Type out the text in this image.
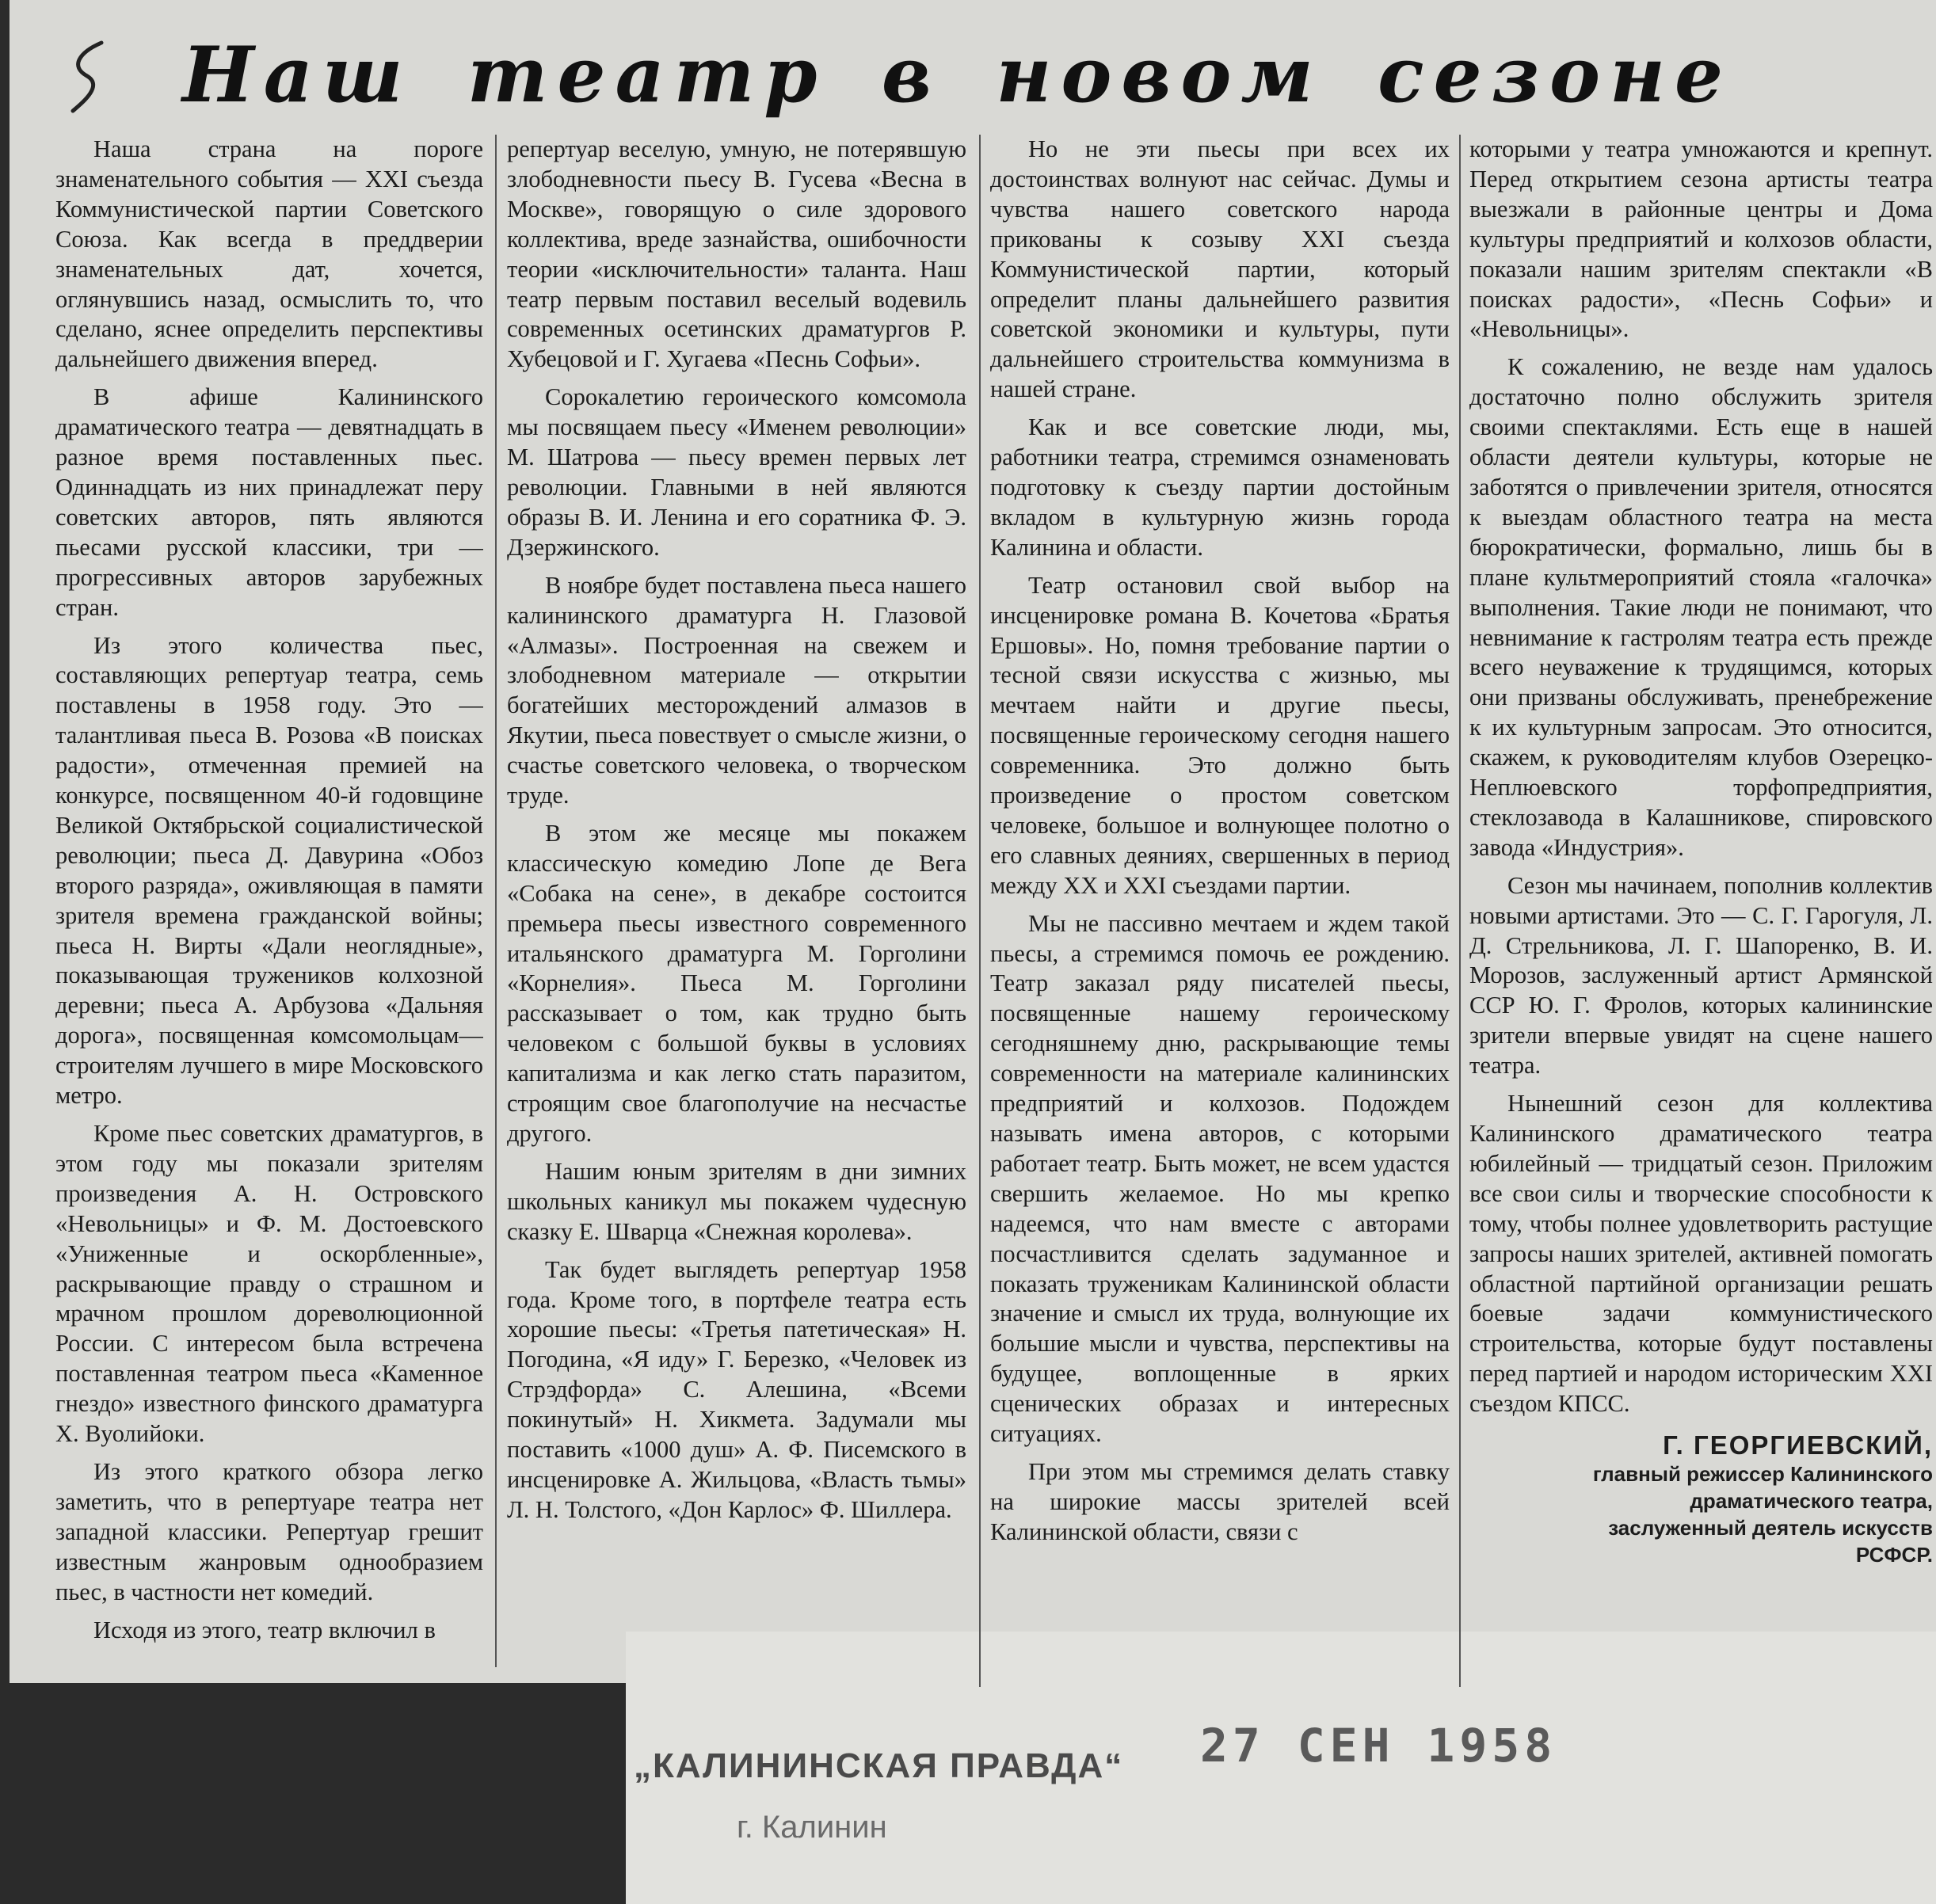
Наш театр в новом сезоне

Наша страна на пороге знаменательного события — XXI съезда Коммунистической партии Советского Союза. Как всегда в преддверии знаменательных дат, хочется, оглянувшись назад, осмыслить то, что сделано, яснее определить перспективы дальнейшего движения вперед.

В афише Калининского драматического театра — девятнадцать в разное время поставленных пьес. Одиннадцать из них принадлежат перу советских авторов, пять являются пьесами русской классики, три — прогрессивных авторов зарубежных стран.

Из этого количества пьес, составляющих репертуар театра, семь поставлены в 1958 году. Это — талантливая пьеса В. Розова «В поисках радости», отмеченная премией на конкурсе, посвященном 40-й годовщине Великой Октябрьской социалистической революции; пьеса Д. Давурина «Обоз второго разряда», оживляющая в памяти зрителя времена гражданской войны; пьеса Н. Вирты «Дали неоглядные», показывающая тружеников колхозной деревни; пьеса А. Арбузова «Дальняя дорога», посвященная комсомольцам—строителям лучшего в мире Московского метро.

Кроме пьес советских драматургов, в этом году мы показали зрителям произведения А. Н. Островского «Невольницы» и Ф. М. Достоевского «Униженные и оскорбленные», раскрывающие правду о страшном и мрачном прошлом дореволюционной России. С интересом была встречена поставленная театром пьеса «Каменное гнездо» известного финского драматурга X. Вуолийоки.

Из этого краткого обзора легко заметить, что в репертуаре театра нет западной классики. Репертуар грешит известным жанровым однообразием пьес, в частности нет комедий.

Исходя из этого, театр включил в

репертуар веселую, умную, не потерявшую злободневности пьесу В. Гусева «Весна в Москве», говорящую о силе здорового коллектива, вреде зазнайства, ошибочности теории «исключительности» таланта. Наш театр первым поставил веселый водевиль современных осетинских драматургов Р. Хубецовой и Г. Хугаева «Песнь Софьи».

Сорокалетию героического комсомола мы посвящаем пьесу «Именем революции» М. Шатрова — пьесу времен первых лет революции. Главными в ней являются образы В. И. Ленина и его соратника Ф. Э. Дзержинского.

В ноябре будет поставлена пьеса нашего калининского драматурга Н. Глазовой «Алмазы». Построенная на свежем и злободневном материале — открытии богатейших месторождений алмазов в Якутии, пьеса повествует о смысле жизни, о счастье советского человека, о творческом труде.

В этом же месяце мы покажем классическую комедию Лопе де Вега «Собака на сене», в декабре состоится премьера пьесы известного современного итальянского драматурга М. Горголини «Корнелия». Пьеса М. Горголини рассказывает о том, как трудно быть человеком с большой буквы в условиях капитализма и как легко стать паразитом, строящим свое благополучие на несчастье другого.

Нашим юным зрителям в дни зимних школьных каникул мы покажем чудесную сказку Е. Шварца «Снежная королева».

Так будет выглядеть репертуар 1958 года. Кроме того, в портфеле театра есть хорошие пьесы: «Третья патетическая» Н. Погодина, «Я иду» Г. Березко, «Человек из Стрэдфорда» С. Алешина, «Всеми покинутый» Н. Хикмета. Задумали мы поставить «1000 душ» А. Ф. Писемского в инсценировке А. Жильцова, «Власть тьмы» Л. Н. Толстого, «Дон Карлос» Ф. Шиллера.

Но не эти пьесы при всех их достоинствах волнуют нас сейчас. Думы и чувства нашего советского народа прикованы к созыву XXI съезда Коммунистической партии, который определит планы дальнейшего развития советской экономики и культуры, пути дальнейшего строительства коммунизма в нашей стране.

Как и все советские люди, мы, работники театра, стремимся ознаменовать подготовку к съезду партии достойным вкладом в культурную жизнь города Калинина и области.

Театр остановил свой выбор на инсценировке романа В. Кочетова «Братья Ершовы». Но, помня требование партии о тесной связи искусства с жизнью, мы мечтаем найти и другие пьесы, посвященные героическому сегодня нашего современника. Это должно быть произведение о простом советском человеке, большое и волнующее полотно о его славных деяниях, свершенных в период между XX и XXI съездами партии.

Мы не пассивно мечтаем и ждем такой пьесы, а стремимся помочь ее рождению. Театр заказал ряду писателей пьесы, посвященные нашему героическому сегодняшнему дню, раскрывающие темы современности на материале калининских предприятий и колхозов. Подождем называть имена авторов, с которыми работает театр. Быть может, не всем удастся свершить желаемое. Но мы крепко надеемся, что нам вместе с авторами посчастливится сделать задуманное и показать труженикам Калининской области значение и смысл их труда, волнующие их большие мысли и чувства, перспективы на будущее, воплощенные в ярких сценических образах и интересных ситуациях.

При этом мы стремимся делать ставку на широкие массы зрителей всей Калининской области, связи с

которыми у театра умножаются и крепнут. Перед открытием сезона артисты театра выезжали в районные центры и Дома культуры предприятий и колхозов области, показали нашим зрителям спектакли «В поисках радости», «Песнь Софьи» и «Невольницы».

К сожалению, не везде нам удалось достаточно полно обслужить зрителя своими спектаклями. Есть еще в нашей области деятели культуры, которые не заботятся о привлечении зрителя, относятся к выездам областного театра на места бюрократически, формально, лишь бы в плане культмероприятий стояла «галочка» выполнения. Такие люди не понимают, что невнимание к гастролям театра есть прежде всего неуважение к трудящимся, которых они призваны обслуживать, пренебрежение к их культурным запросам. Это относится, скажем, к руководителям клубов Озерецко-Неплюевского торфопредприятия, стеклозавода в Калашникове, спировского завода «Индустрия».

Сезон мы начинаем, пополнив коллектив новыми артистами. Это — С. Г. Гарогуля, Л. Д. Стрельникова, Л. Г. Шапоренко, В. И. Морозов, заслуженный артист Армянской ССР Ю. Г. Фролов, которых калининские зрители впервые увидят на сцене нашего театра.

Нынешний сезон для коллектива Калининского драматического театра юбилейный — тридцатый сезон. Приложим все свои силы и творческие способности к тому, чтобы полнее удовлетворить растущие запросы наших зрителей, активней помогать областной партийной организации решать боевые задачи коммунистического строительства, которые будут поставлены перед партией и народом историческим XXI съездом КПСС.

Г. ГЕОРГИЕВСКИЙ,
главный режиссер Калининского
драматического театра,
заслуженный деятель искусств
РСФСР.
„КАЛИНИНСКАЯ ПРАВДА“
г. Калинин
27 СЕН 1958
